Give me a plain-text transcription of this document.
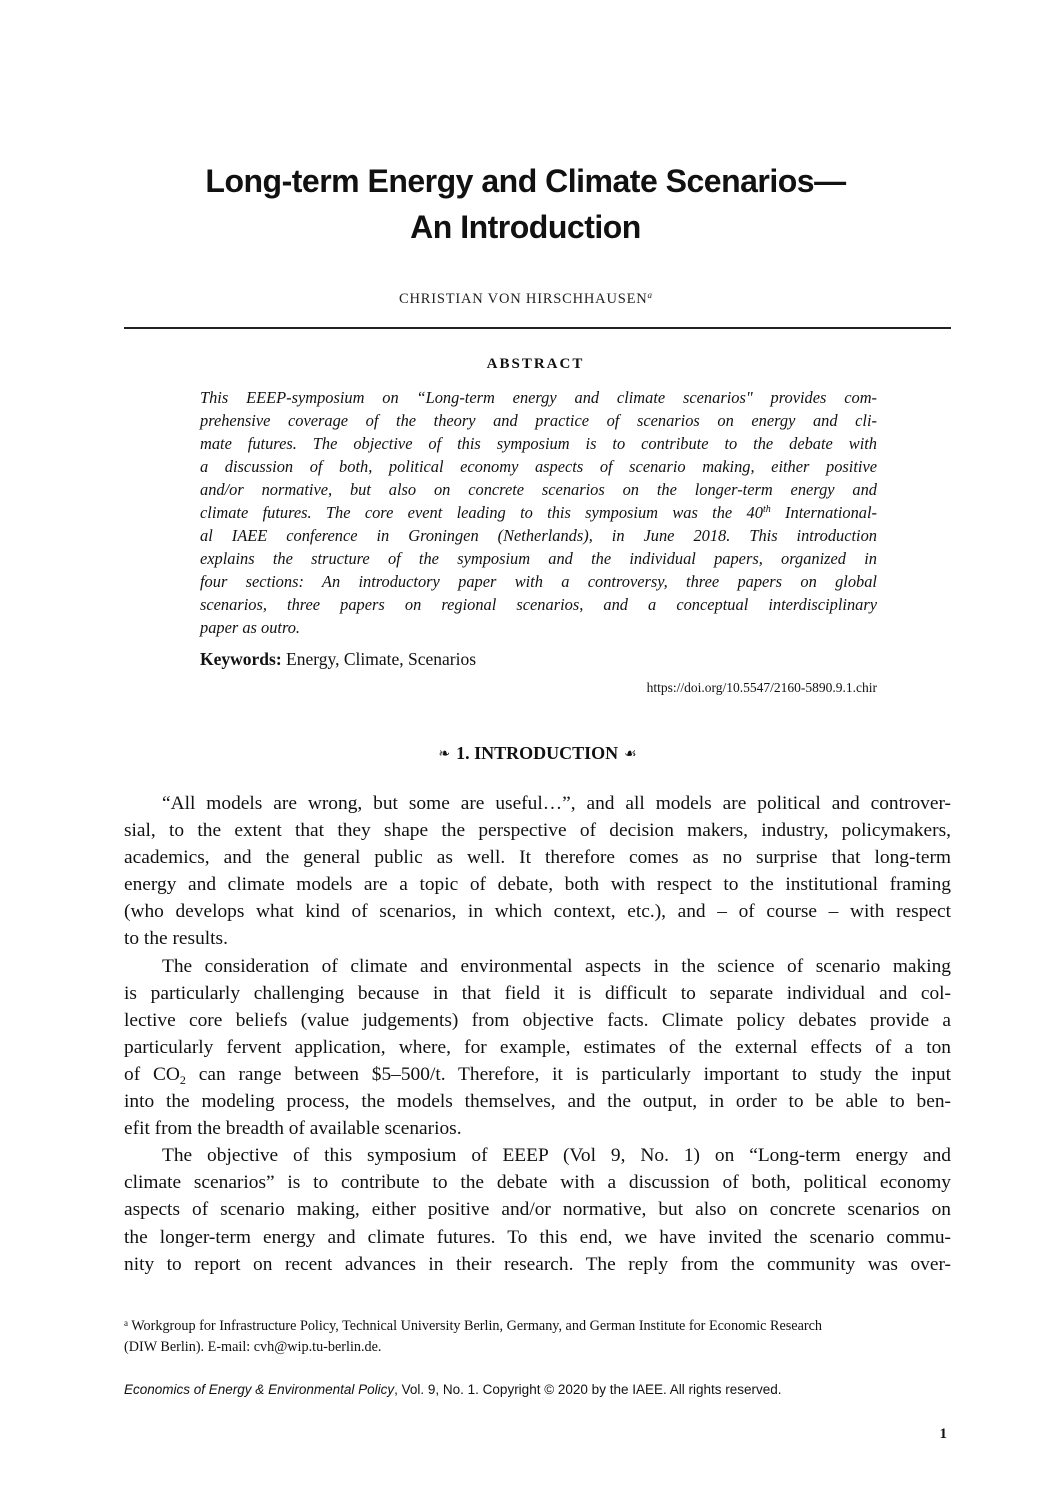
Long-term Energy and Climate Scenarios—
An Introduction
CHRISTIAN VON HIRSCHHAUSEN$^a$
ABSTRACT
This EEEP-symposium on “Long-term energy and climate scenarios" provides com-
prehensive coverage of the theory and practice of scenarios on energy and cli-
mate futures. The objective of this symposium is to contribute to the debate with
a discussion of both, political economy aspects of scenario making, either positive
and/or normative, but also on concrete scenarios on the longer-term energy and
climate futures. The core event leading to this symposium was the 40th International-
al IAEE conference in Groningen (Netherlands), in June 2018. This introduction
explains the structure of the symposium and the individual papers, organized in
four sections: An introductory paper with a controversy, three papers on global
scenarios, three papers on regional scenarios, and a conceptual interdisciplinary
paper as outro.
Keywords: Energy, Climate, Scenarios
https://doi.org/10.5547/2160-5890.9.1.chir
❧ 1. INTRODUCTION ☙
“All models are wrong, but some are useful…”, and all models are political and controver-
sial, to the extent that they shape the perspective of decision makers, industry, policymakers,
academics, and the general public as well. It therefore comes as no surprise that long-term
energy and climate models are a topic of debate, both with respect to the institutional framing
(who develops what kind of scenarios, in which context, etc.), and – of course – with respect
to the results.
The consideration of climate and environmental aspects in the science of scenario making
is particularly challenging because in that field it is difficult to separate individual and col-
lective core beliefs (value judgements) from objective facts. Climate policy debates provide a
particularly fervent application, where, for example, estimates of the external effects of a ton
of $CO_2$ can range between $5–500/t. Therefore, it is particularly important to study the input
into the modeling process, the models themselves, and the output, in order to be able to ben-
efit from the breadth of available scenarios.
The objective of this symposium of EEEP (Vol 9, No. 1) on “Long-term energy and
climate scenarios” is to contribute to the debate with a discussion of both, political economy
aspects of scenario making, either positive and/or normative, but also on concrete scenarios on
the longer-term energy and climate futures. To this end, we have invited the scenario commu-
nity to report on recent advances in their research. The reply from the community was over-
$^a$ Workgroup for Infrastructure Policy, Technical University Berlin, Germany, and German Institute for Economic Research
(DIW Berlin). E-mail: cvh@wip.tu-berlin.de.
Economics of Energy & Environmental Policy, Vol. 9, No. 1. Copyright © 2020 by the IAEE. All rights reserved.
1
